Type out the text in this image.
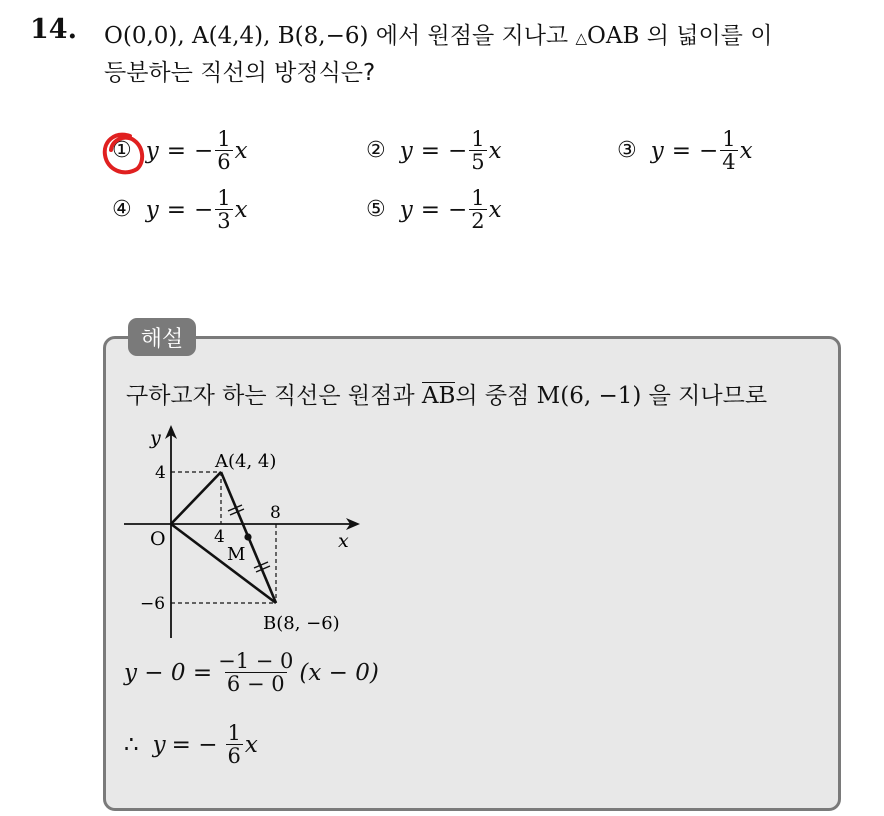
14. O(0,0), A(4,4), B(8,−6) 에서 원점을 지나고 △OAB 의 넓이를 이
등분하는 직선의 방정식은?
① y = − $\frac{1}{6}$ x	② y = − $\frac{1}{5}$ x	③ y = − $\frac{1}{4}$ x
④ y = − $\frac{1}{3}$ x	⑤ y = − $\frac{1}{2}$ x
해설
구하고자 하는 직선은 원점과 AB의 중점 M(6, −1) 을 지나므로
y
x
O
A(4, 4)
B(8, −6)
M
4
8
4
−6
$y - 0 = \frac{-1 - 0}{6 - 0} (x - 0)$
∴ y = − $\frac{1}{6}$ x
